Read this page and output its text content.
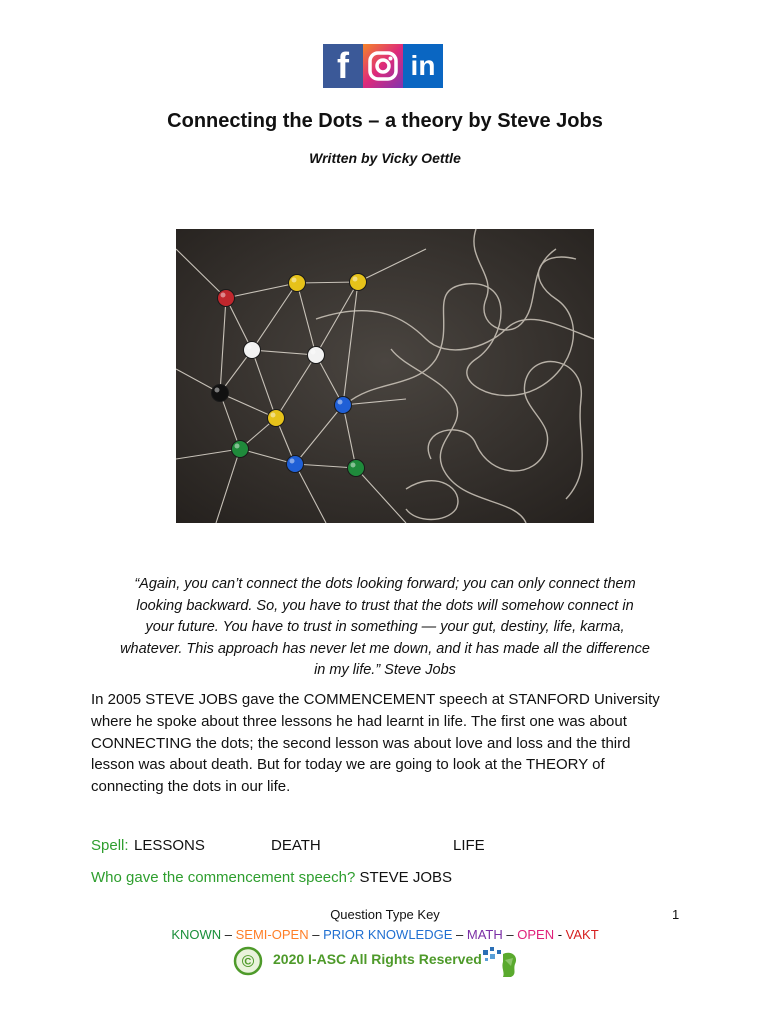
f	in
Connecting the Dots – a theory by Steve Jobs
Written by Vicky Oettle
“Again, you can’t connect the dots looking forward; you can only connect them
looking backward. So, you have to trust that the dots will somehow connect in
your future. You have to trust in something — your gut, destiny, life, karma,
whatever. This approach has never let me down, and it has made all the difference
in my life.” Steve Jobs
In 2005 STEVE JOBS gave the COMMENCEMENT speech at STANFORD University
where he spoke about three lessons he had learnt in life. The first one was about
CONNECTING the dots; the second lesson was about love and loss and the third
lesson was about death. But for today we are going to look at the THEORY of
connecting the dots in our life.
Spell: LESSONS	DEATH	LIFE
Who gave the commencement speech? STEVE JOBS
Question Type Key	1
KNOWN – SEMI-OPEN – PRIOR KNOWLEDGE – MATH – OPEN - VAKT
© 2020 I-ASC All Rights Reserved
